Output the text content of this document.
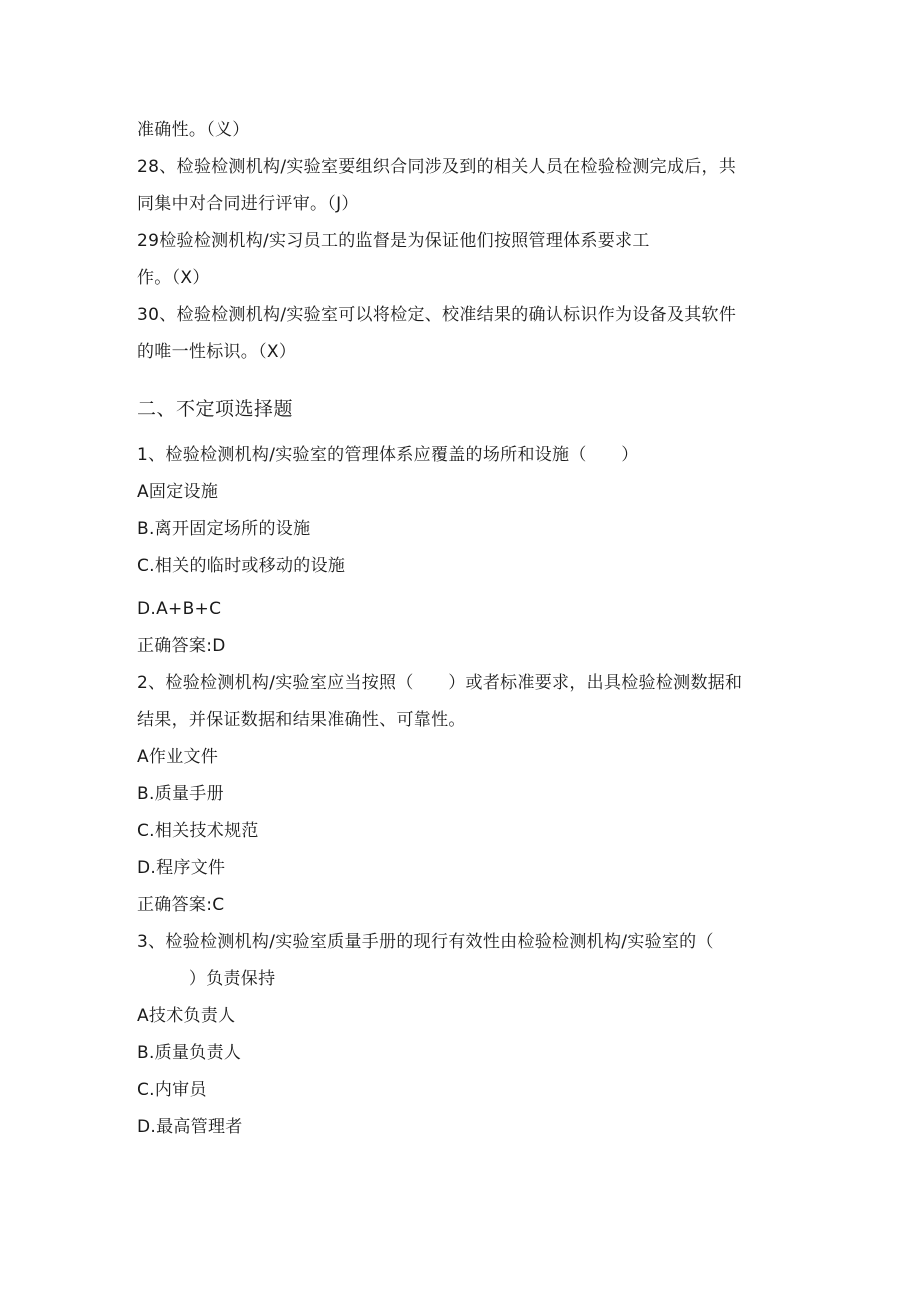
准确性。（义）
28、检验检测机构/实验室要组织合同涉及到的相关人员在检验检测完成后，共
同集中对合同进行评审。（J）
29检验检测机构/实习员工的监督是为保证他们按照管理体系要求工
作。（X）
30、检验检测机构/实验室可以将检定、校准结果的确认标识作为设备及其软件
的唯一性标识。（X）
二、不定项选择题
1、检验检测机构/实验室的管理体系应覆盖的场所和设施（　　）
A固定设施
B.离开固定场所的设施
C.相关的临时或移动的设施
D.A+B+C
正确答案:D
2、检验检测机构/实验室应当按照（　　）或者标准要求，出具检验检测数据和
结果，并保证数据和结果准确性、可靠性。
A作业文件
B.质量手册
C.相关技术规范
D.程序文件
正确答案:C
3、检验检测机构/实验室质量手册的现行有效性由检验检测机构/实验室的（
　　　）负责保持
A技术负责人
B.质量负责人
C.内审员
D.最高管理者
